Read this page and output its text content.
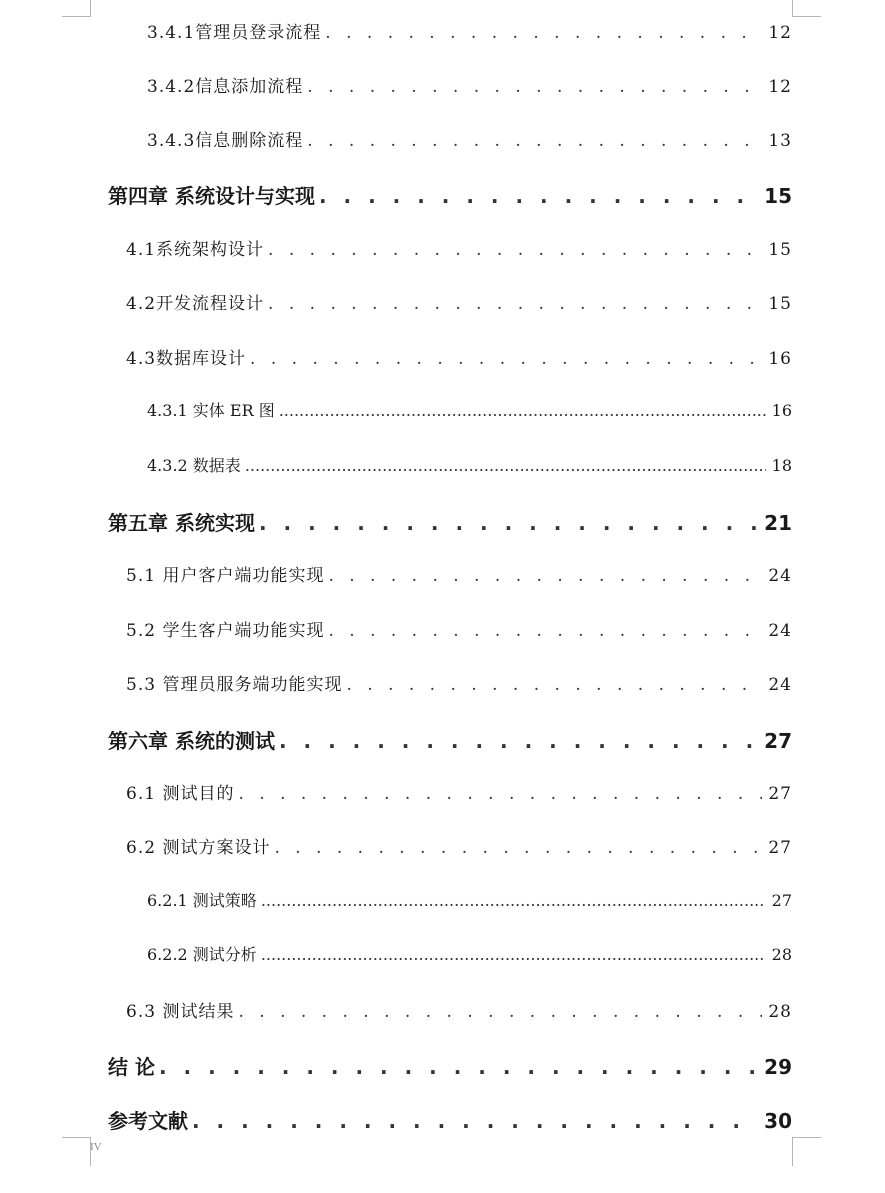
3.4.1管理员登录流程 . . .	12
3.4.2信息添加流程 . . .	12
3.4.3信息删除流程 . . .	13
第四章 系统设计与实现 . . .	15
4.1系统架构设计 . . .	15
4.2开发流程设计 . . .	15
4.3数据库设计 . . .	16
4.3.1 实体 ER 图 .....	16
4.3.2 数据表 .....	18
第五章 系统实现 . . .	21
5.1 用户客户端功能实现 . . .	24
5.2 学生客户端功能实现 . . .	24
5.3 管理员服务端功能实现 . . .	24
第六章 系统的测试 . . .	27
6.1 测试目的 . . .	27
6.2 测试方案设计 . . .	27
6.2.1 测试策略 .....	27
6.2.2 测试分析 .....	28
6.3 测试结果 . . .	28
结 论 . . .	29
参考文献 . . .	30
IV
